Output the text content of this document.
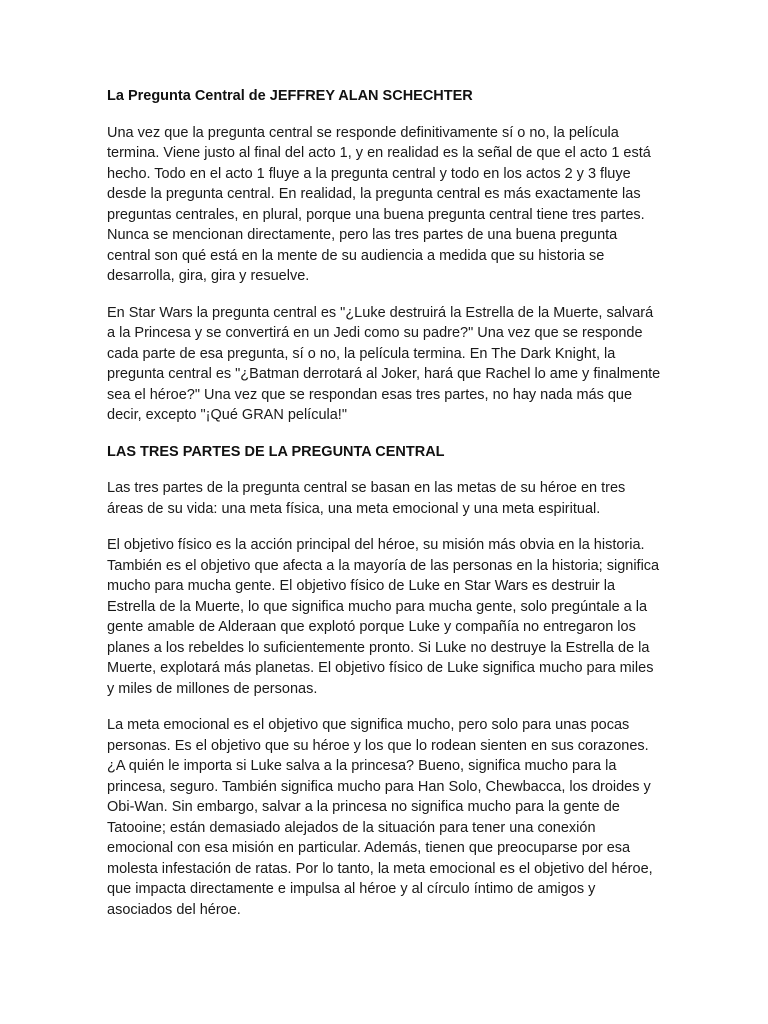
La Pregunta Central de JEFFREY ALAN SCHECHTER

Una vez que la pregunta central se responde definitivamente sí o no, la película termina. Viene justo al final del acto 1, y en realidad es la señal de que el acto 1 está hecho. Todo en el acto 1 fluye a la pregunta central y todo en los actos 2 y 3 fluye desde la pregunta central. En realidad, la pregunta central es más exactamente las preguntas centrales, en plural, porque una buena pregunta central tiene tres partes. Nunca se mencionan directamente, pero las tres partes de una buena pregunta central son qué está en la mente de su audiencia a medida que su historia se desarrolla, gira, gira y resuelve.

En Star Wars la pregunta central es "¿Luke destruirá la Estrella de la Muerte, salvará a la Princesa y se convertirá en un Jedi como su padre?" Una vez que se responde cada parte de esa pregunta, sí o no, la película termina. En The Dark Knight, la pregunta central es "¿Batman derrotará al Joker, hará que Rachel lo ame y finalmente sea el héroe?" Una vez que se respondan esas tres partes, no hay nada más que decir, excepto "¡Qué GRAN película!"

LAS TRES PARTES DE LA PREGUNTA CENTRAL

Las tres partes de la pregunta central se basan en las metas de su héroe en tres áreas de su vida: una meta física, una meta emocional y una meta espiritual.

El objetivo físico es la acción principal del héroe, su misión más obvia en la historia. También es el objetivo que afecta a la mayoría de las personas en la historia; significa mucho para mucha gente. El objetivo físico de Luke en Star Wars es destruir la Estrella de la Muerte, lo que significa mucho para mucha gente, solo pregúntale a la gente amable de Alderaan que explotó porque Luke y compañía no entregaron los planes a los rebeldes lo suficientemente pronto. Si Luke no destruye la Estrella de la Muerte, explotará más planetas. El objetivo físico de Luke significa mucho para miles y miles de millones de personas.

La meta emocional es el objetivo que significa mucho, pero solo para unas pocas personas. Es el objetivo que su héroe y los que lo rodean sienten en sus corazones. ¿A quién le importa si Luke salva a la princesa? Bueno, significa mucho para la princesa, seguro. También significa mucho para Han Solo, Chewbacca, los droides y Obi-Wan. Sin embargo, salvar a la princesa no significa mucho para la gente de Tatooine; están demasiado alejados de la situación para tener una conexión emocional con esa misión en particular. Además, tienen que preocuparse por esa molesta infestación de ratas. Por lo tanto, la meta emocional es el objetivo del héroe, que impacta directamente e impulsa al héroe y al círculo íntimo de amigos y asociados del héroe.
